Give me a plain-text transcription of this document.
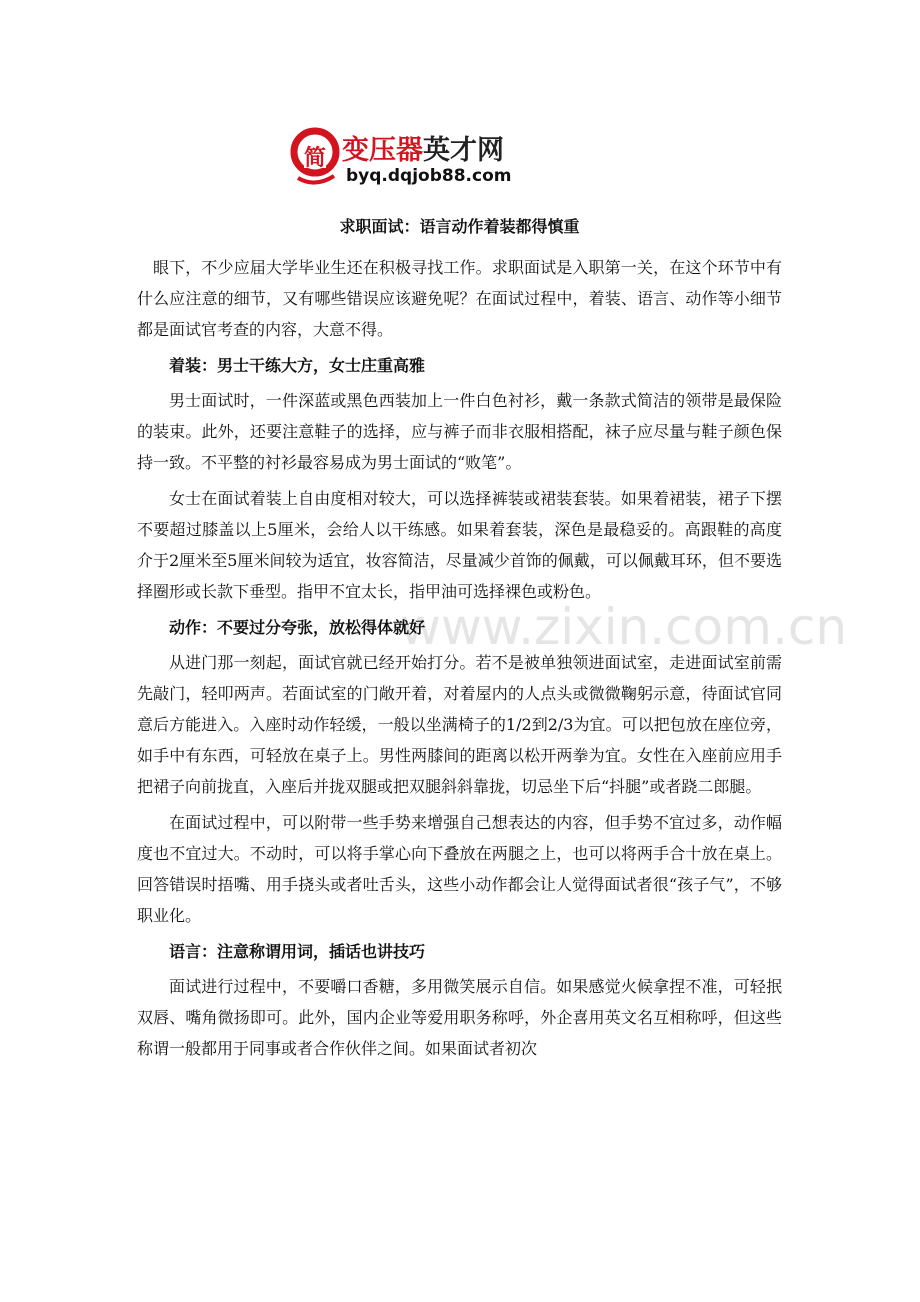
简 变压器英才网
byq.dqjob88.com
www.zixin.com.cn
求职面试：语言动作着装都得慎重

眼下，不少应届大学毕业生还在积极寻找工作。求职面试是入职第一关，在这个环节中有什么应注意的细节，又有哪些错误应该避免呢？在面试过程中，着装、语言、动作等小细节都是面试官考查的内容，大意不得。

着装：男士干练大方，女士庄重高雅

男士面试时，一件深蓝或黑色西装加上一件白色衬衫，戴一条款式简洁的领带是最保险的装束。此外，还要注意鞋子的选择，应与裤子而非衣服相搭配，袜子应尽量与鞋子颜色保持一致。不平整的衬衫最容易成为男士面试的“败笔”。

女士在面试着装上自由度相对较大，可以选择裤装或裙装套装。如果着裙装，裙子下摆不要超过膝盖以上5厘米，会给人以干练感。如果着套装，深色是最稳妥的。高跟鞋的高度介于2厘米至5厘米间较为适宜，妆容简洁，尽量减少首饰的佩戴，可以佩戴耳环，但不要选择圈形或长款下垂型。指甲不宜太长，指甲油可选择裸色或粉色。

动作：不要过分夸张，放松得体就好

从进门那一刻起，面试官就已经开始打分。若不是被单独领进面试室，走进面试室前需先敲门，轻叩两声。若面试室的门敞开着，对着屋内的人点头或微微鞠躬示意，待面试官同意后方能进入。入座时动作轻缓，一般以坐满椅子的1/2到2/3为宜。可以把包放在座位旁，如手中有东西，可轻放在桌子上。男性两膝间的距离以松开两拳为宜。女性在入座前应用手把裙子向前拢直，入座后并拢双腿或把双腿斜斜靠拢，切忌坐下后“抖腿”或者跷二郎腿。

在面试过程中，可以附带一些手势来增强自己想表达的内容，但手势不宜过多，动作幅度也不宜过大。不动时，可以将手掌心向下叠放在两腿之上，也可以将两手合十放在桌上。回答错误时捂嘴、用手挠头或者吐舌头，这些小动作都会让人觉得面试者很“孩子气”，不够职业化。

语言：注意称谓用词，插话也讲技巧

面试进行过程中，不要嚼口香糖，多用微笑展示自信。如果感觉火候拿捏不准，可轻抿双唇、嘴角微扬即可。此外，国内企业等爱用职务称呼，外企喜用英文名互相称呼，但这些称谓一般都用于同事或者合作伙伴之间。如果面试者初次
